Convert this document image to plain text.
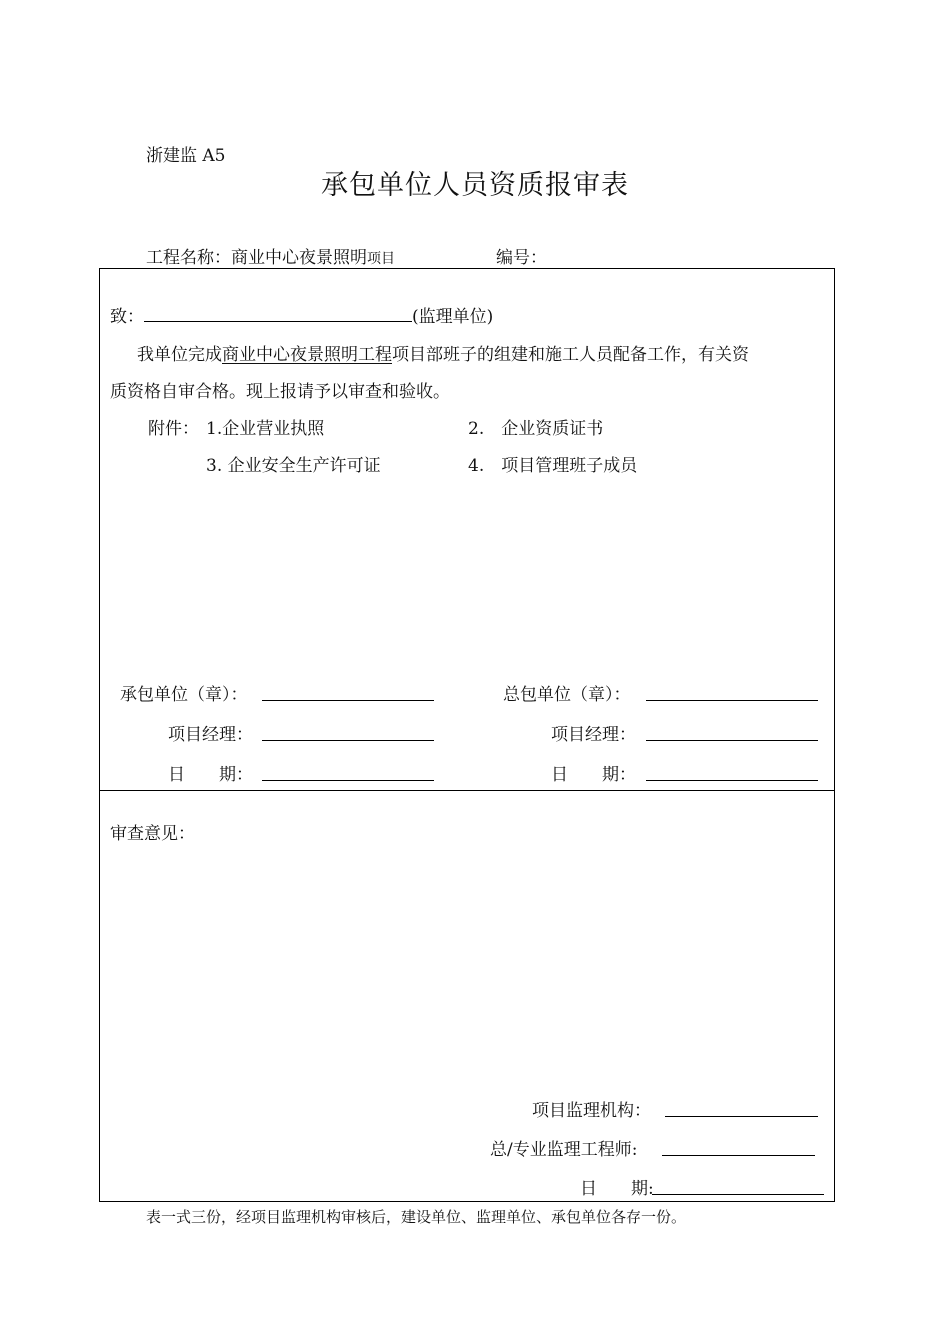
浙建监 A5
承包单位人员资质报审表
工程名称：商业中心夜景照明项目	编号：
致：	(监理单位)
我单位完成商业中心夜景照明工程项目部班子的组建和施工人员配备工作，有关资
质资格自审合格。现上报请予以审查和验收。
附件： 1.企业营业执照	2.　企业资质证书
3. 企业安全生产许可证	4.　项目管理班子成员
承包单位（章）：	总包单位（章）：
项目经理：	项目经理：
日　　期：	日　　期：
审查意见：
项目监理机构：
总/专业监理工程师:
日　　期:
表一式三份，经项目监理机构审核后，建设单位、监理单位、承包单位各存一份。
